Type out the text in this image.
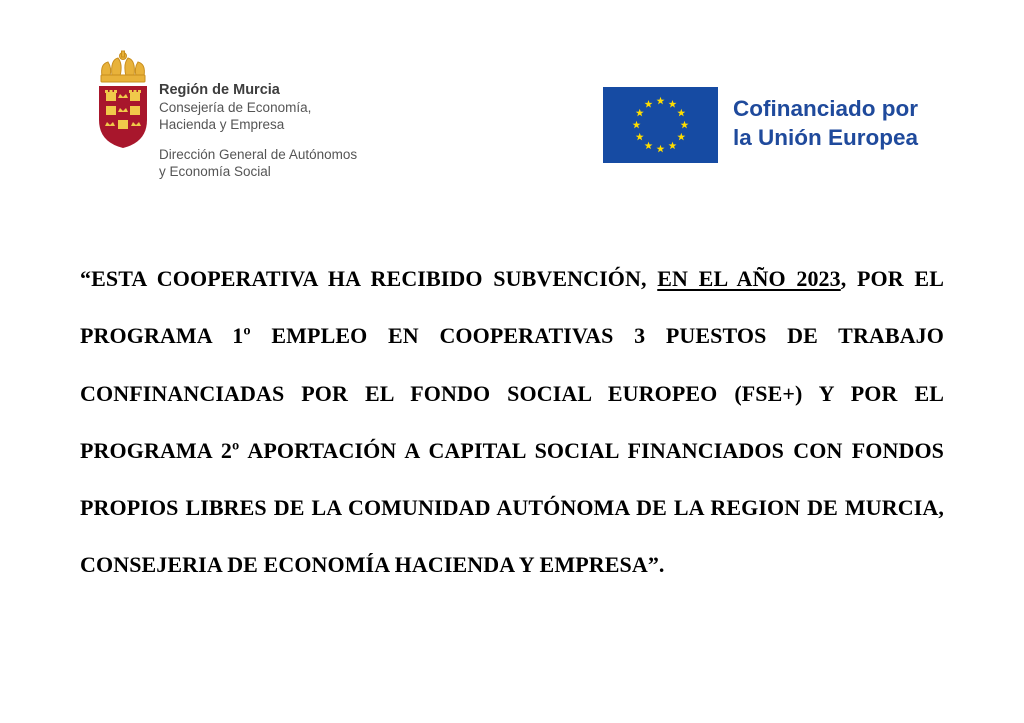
Región de Murcia
Consejería de Economía,
Hacienda y Empresa
Dirección General de Autónomos
y Economía Social
Cofinanciado por
la Unión Europea

“ESTA COOPERATIVA HA RECIBIDO SUBVENCIÓN, EN EL AÑO 2023, POR EL PROGRAMA 1º EMPLEO EN COOPERATIVAS 3 PUESTOS DE TRABAJO CONFINANCIADAS POR EL FONDO SOCIAL EUROPEO (FSE+) Y POR EL PROGRAMA 2º APORTACIÓN A CAPITAL SOCIAL FINANCIADOS CON FONDOS PROPIOS LIBRES DE LA COMUNIDAD AUTÓNOMA DE LA REGION DE MURCIA, CONSEJERIA DE ECONOMÍA HACIENDA Y EMPRESA”.
